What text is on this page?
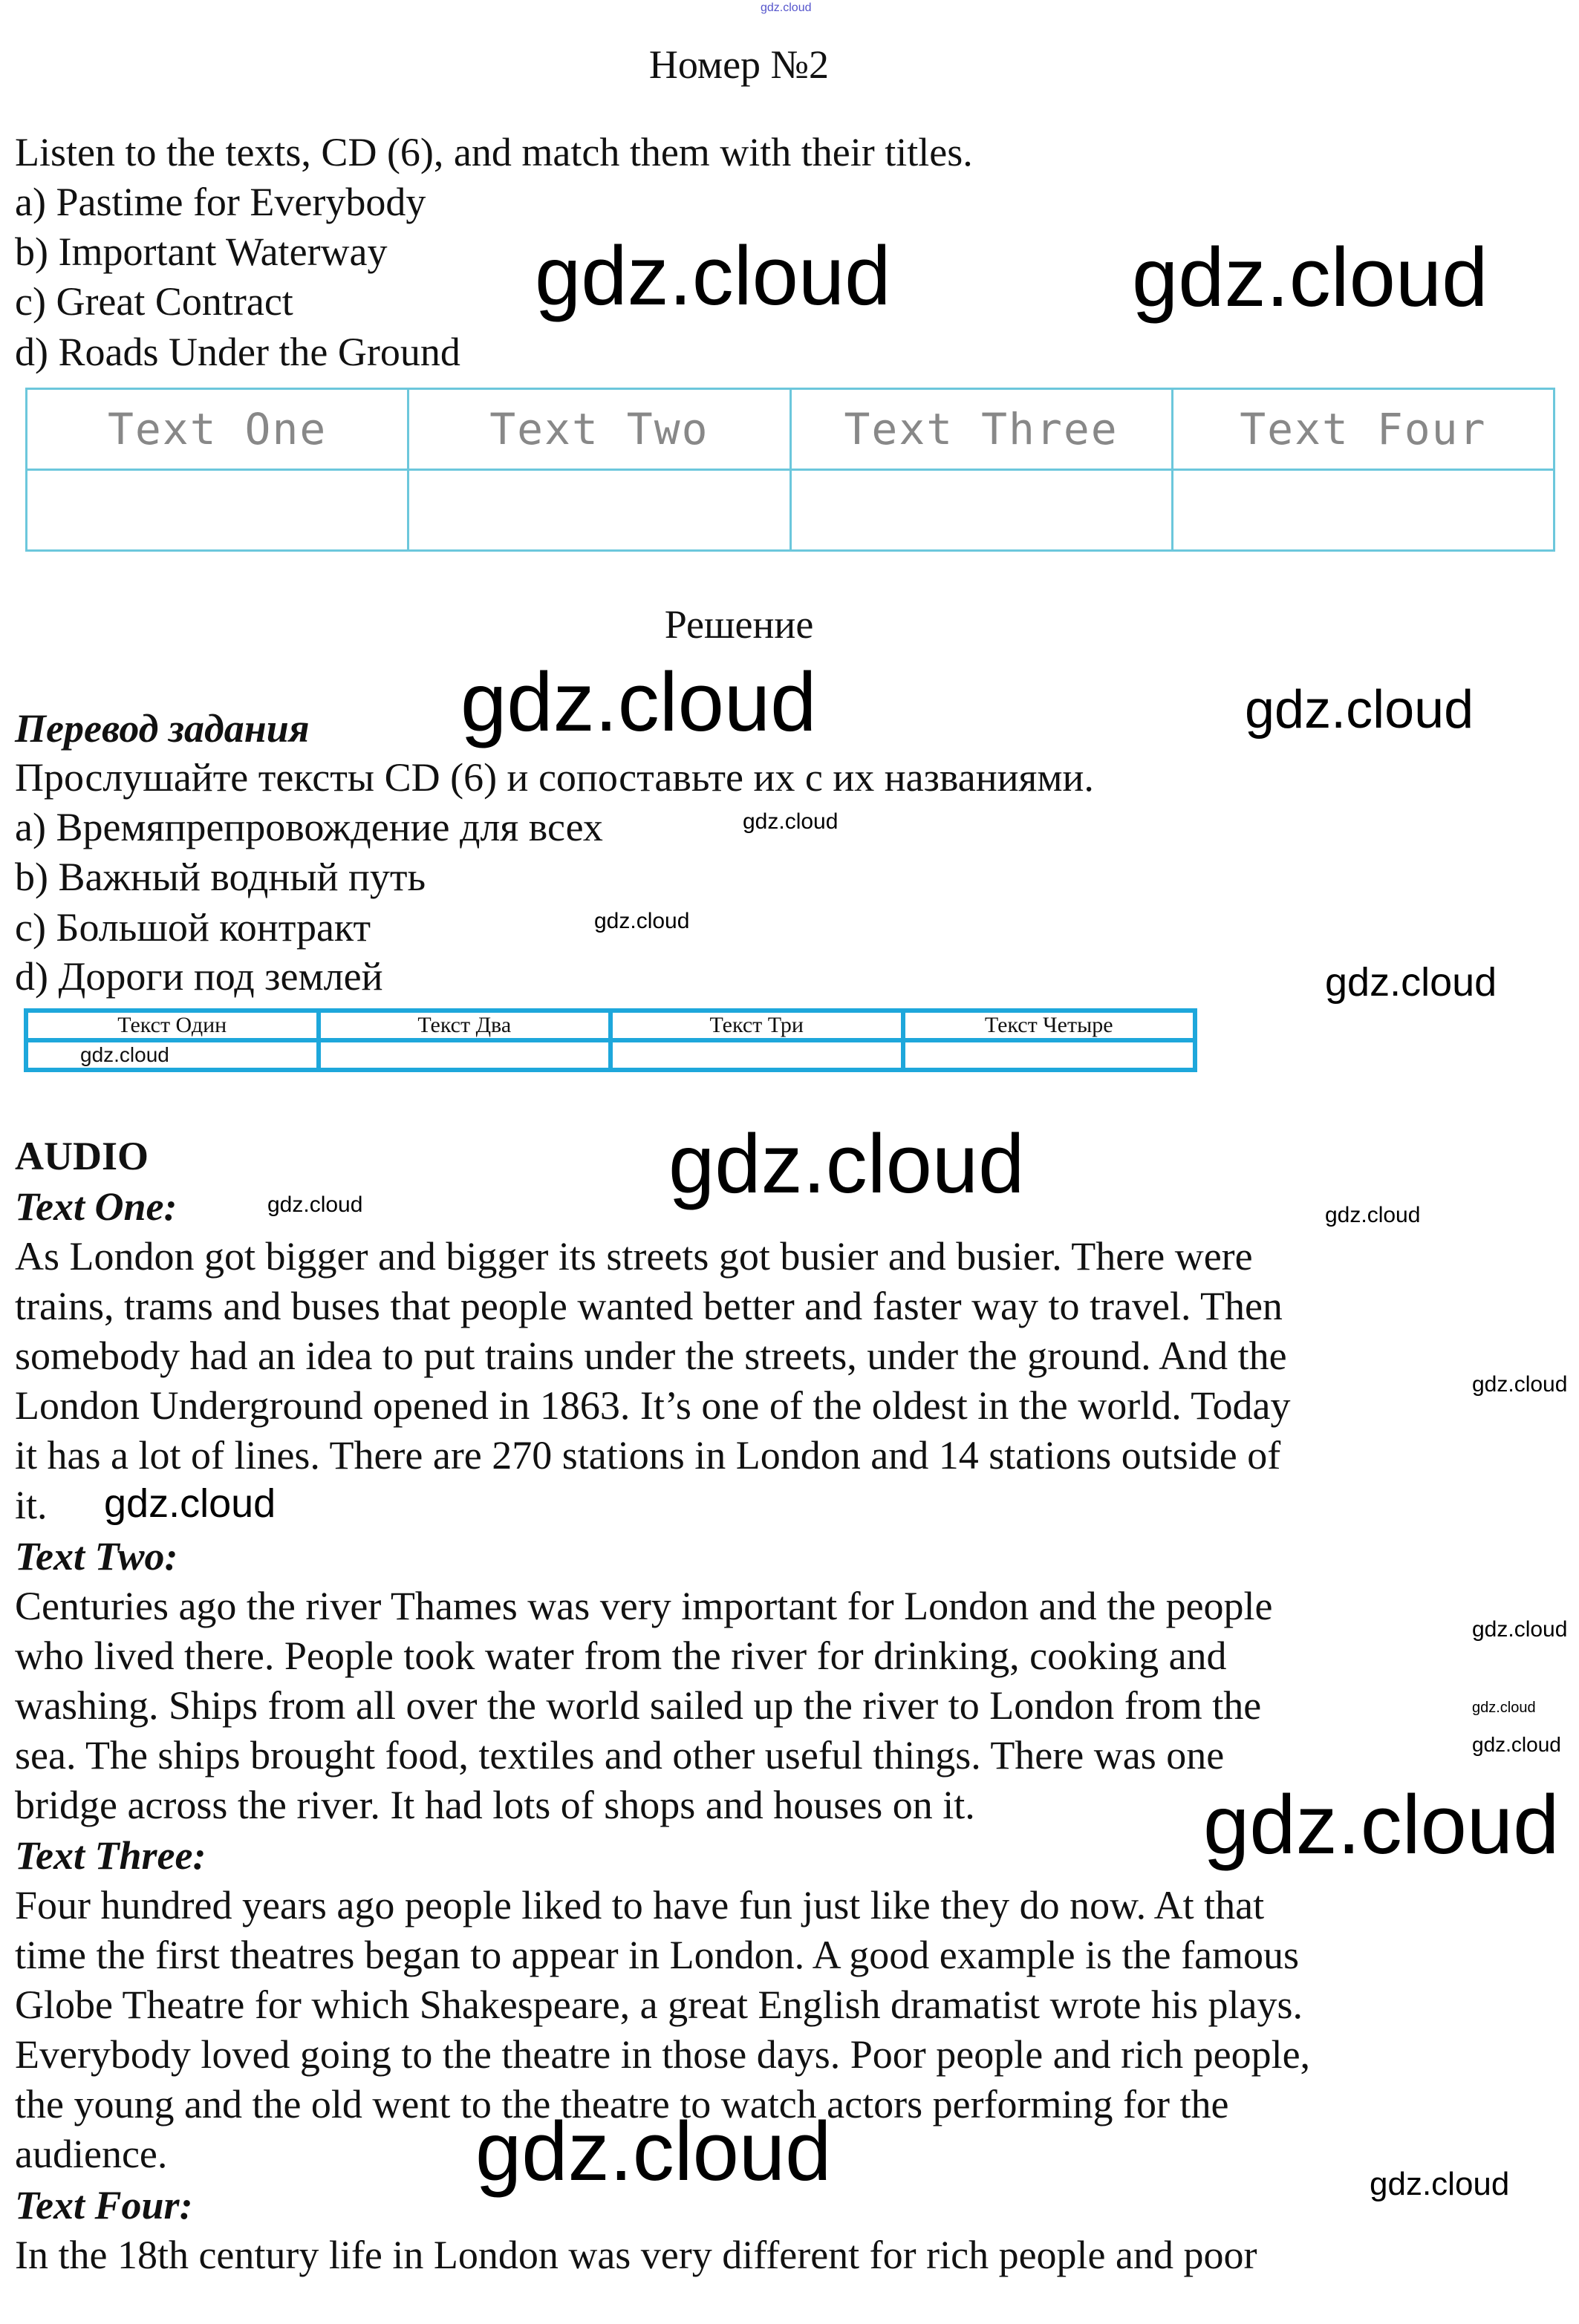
gdz.cloud
Номер №2
Listen to the texts, CD (6), and match them with their titles.
a) Pastime for Everybody
b) Important Waterway
c) Great Contract
d) Roads Under the Ground
Text One	Text Two	Text Three	Text Four

Решение
Перевод задания
Прослушайте тексты CD (6) и сопоставьте их с их названиями.
a) Времяпрепровождение для всех
b) Важный водный путь
c) Большой контракт
d) Дороги под землей
Текст Один	Текст Два	Текст Три	Текст Четыре
gdz.cloud			
AUDIO
Text One:
As London got bigger and bigger its streets got busier and busier. There were
trains, trams and buses that people wanted better and faster way to travel. Then
somebody had an idea to put trains under the streets, under the ground. And the
London Underground opened in 1863. It’s one of the oldest in the world. Today
it has a lot of lines. There are 270 stations in London and 14 stations outside of
it.
Text Two:
Centuries ago the river Thames was very important for London and the people
who lived there. People took water from the river for drinking, cooking and
washing. Ships from all over the world sailed up the river to London from the
sea. The ships brought food, textiles and other useful things. There was one
bridge across the river. It had lots of shops and houses on it.
Text Three:
Four hundred years ago people liked to have fun just like they do now. At that
time the first theatres began to appear in London. A good example is the famous
Globe Theatre for which Shakespeare, a great English dramatist wrote his plays.
Everybody loved going to the theatre in those days. Poor people and rich people,
the young and the old went to the theatre to watch actors performing for the
audience.
Text Four:
In the 18th century life in London was very different for rich people and poor
gdz.cloud	gdz.cloud
gdz.cloud	gdz.cloud
gdz.cloud
gdz.cloud
gdz.cloud
gdz.cloud
gdz.cloud
gdz.cloud
gdz.cloud
gdz.cloud
gdz.cloud	gdz.cloud
gdz.cloud
gdz.cloud
gdz.cloud
gdz.cloud
